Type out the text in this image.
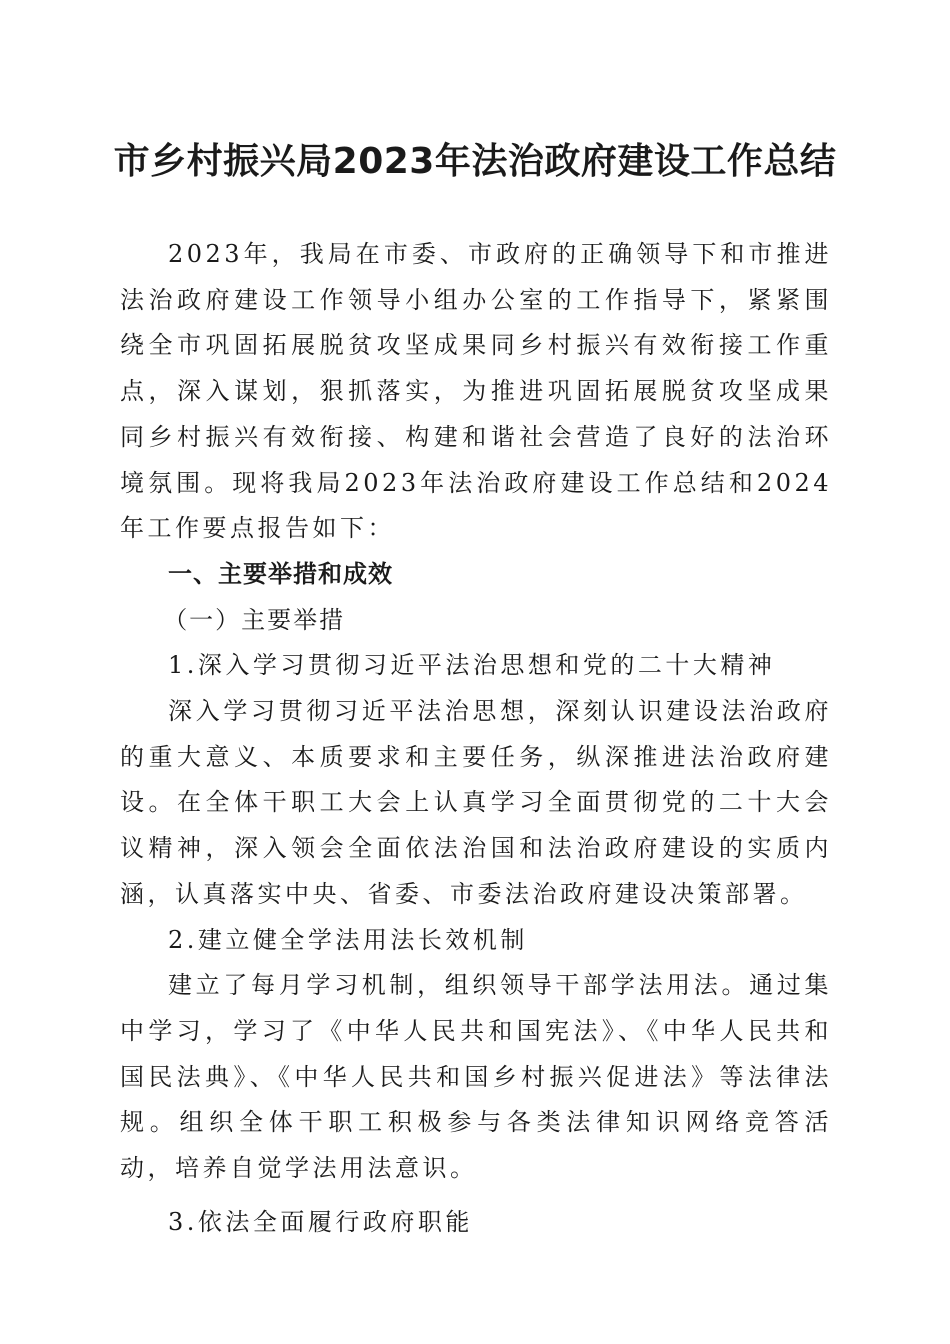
市乡村振兴局2023年法治政府建设工作总结

2023年，我局在市委、市政府的正确领导下和市推进法治政府建设工作领导小组办公室的工作指导下，紧紧围绕全市巩固拓展脱贫攻坚成果同乡村振兴有效衔接工作重点，深入谋划，狠抓落实，为推进巩固拓展脱贫攻坚成果同乡村振兴有效衔接、构建和谐社会营造了良好的法治环境氛围。现将我局2023年法治政府建设工作总结和2024年工作要点报告如下：

一、主要举措和成效

（一）主要举措

1.深入学习贯彻习近平法治思想和党的二十大精神

深入学习贯彻习近平法治思想，深刻认识建设法治政府的重大意义、本质要求和主要任务，纵深推进法治政府建设。在全体干职工大会上认真学习全面贯彻党的二十大会议精神，深入领会全面依法治国和法治政府建设的实质内涵，认真落实中央、省委、市委法治政府建设决策部署。

2.建立健全学法用法长效机制

建立了每月学习机制，组织领导干部学法用法。通过集中学习，学习了《中华人民共和国宪法》、《中华人民共和国民法典》、《中华人民共和国乡村振兴促进法》等法律法规。组织全体干职工积极参与各类法律知识网络竞答活动，培养自觉学法用法意识。

3.依法全面履行政府职能
